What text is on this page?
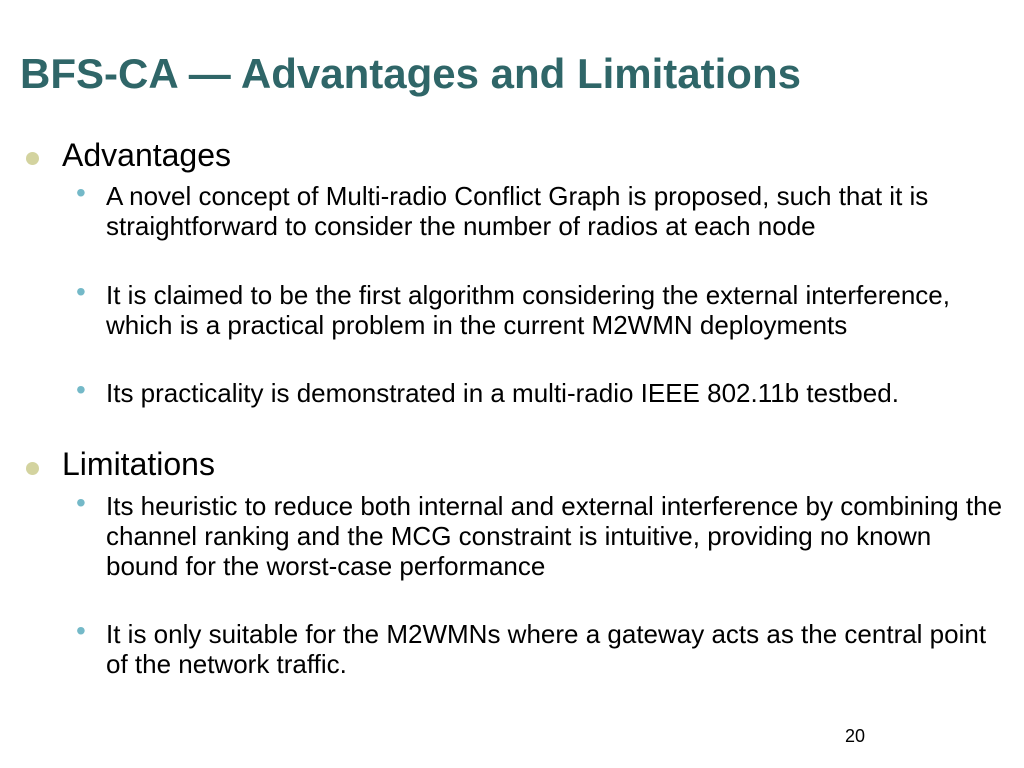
BFS-CA — Advantages and Limitations
Advantages
• A novel concept of Multi-radio Conflict Graph is proposed, such that it is straightforward to consider the number of radios at each node
• It is claimed to be the first algorithm considering the external interference, which is a practical problem in the current M2WMN deployments
• Its practicality is demonstrated in a multi-radio IEEE 802.11b testbed.
Limitations
• Its heuristic to reduce both internal and external interference by combining the channel ranking and the MCG constraint is intuitive, providing no known bound for the worst-case performance
• It is only suitable for the M2WMNs where a gateway acts as the central point of the network traffic.
20
